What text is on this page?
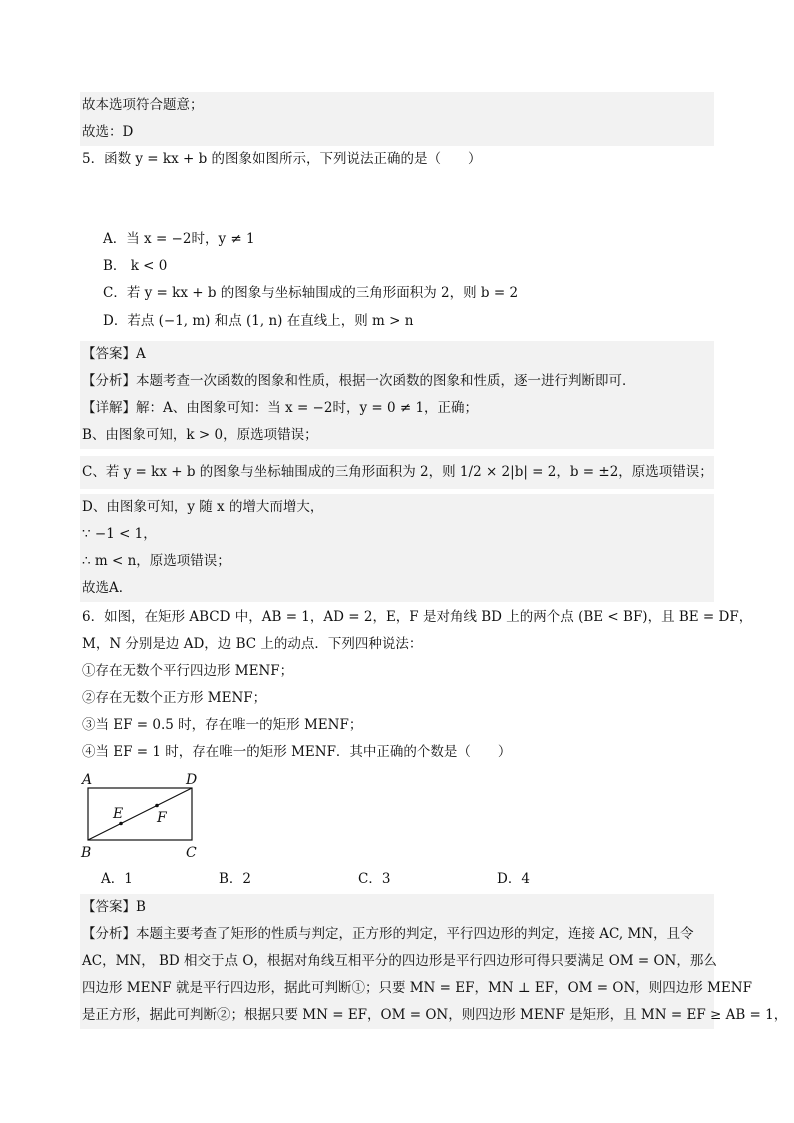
故本选项符合题意；
故选：D
5．函数 y = kx + b 的图象如图所示，下列说法正确的是（　　）
A．当 x = −2时，y ≠ 1
B． k < 0
C．若 y = kx + b 的图象与坐标轴围成的三角形面积为 2，则 b = 2
D．若点 (−1, m) 和点 (1, n) 在直线上，则 m > n
【答案】A
【分析】本题考查一次函数的图象和性质，根据一次函数的图象和性质，逐一进行判断即可．
【详解】解：A、由图象可知：当 x = −2时，y = 0 ≠ 1，正确；
B、由图象可知，k > 0，原选项错误；
C、若 y = kx + b 的图象与坐标轴围成的三角形面积为 2，则 1/2 × 2|b| = 2，b = ±2，原选项错误；
D、由图象可知，y 随 x 的增大而增大，
∵ −1 < 1，
∴ m < n，原选项错误；
故选A．
6．如图，在矩形 ABCD 中，AB = 1，AD = 2，E，F 是对角线 BD 上的两个点 (BE < BF)，且 BE = DF，
M，N 分别是边 AD，边 BC 上的动点．下列四种说法：
①存在无数个平行四边形 MENF；
②存在无数个正方形 MENF；
③当 EF = 0.5 时，存在唯一的矩形 MENF；
④当 EF = 1 时，存在唯一的矩形 MENF．其中正确的个数是（　　）
A	D
B	C
E F
A．1	B．2	C．3	D．4
【答案】B
【分析】本题主要考查了矩形的性质与判定，正方形的判定，平行四边形的判定，连接 AC, MN，且令
AC，MN， BD 相交于点 O，根据对角线互相平分的四边形是平行四边形可得只要满足 OM = ON，那么
四边形 MENF 就是平行四边形，据此可判断①；只要 MN = EF，MN ⊥ EF，OM = ON，则四边形 MENF
是正方形，据此可判断②；根据只要 MN = EF，OM = ON，则四边形 MENF 是矩形，且 MN = EF ≥ AB = 1，
